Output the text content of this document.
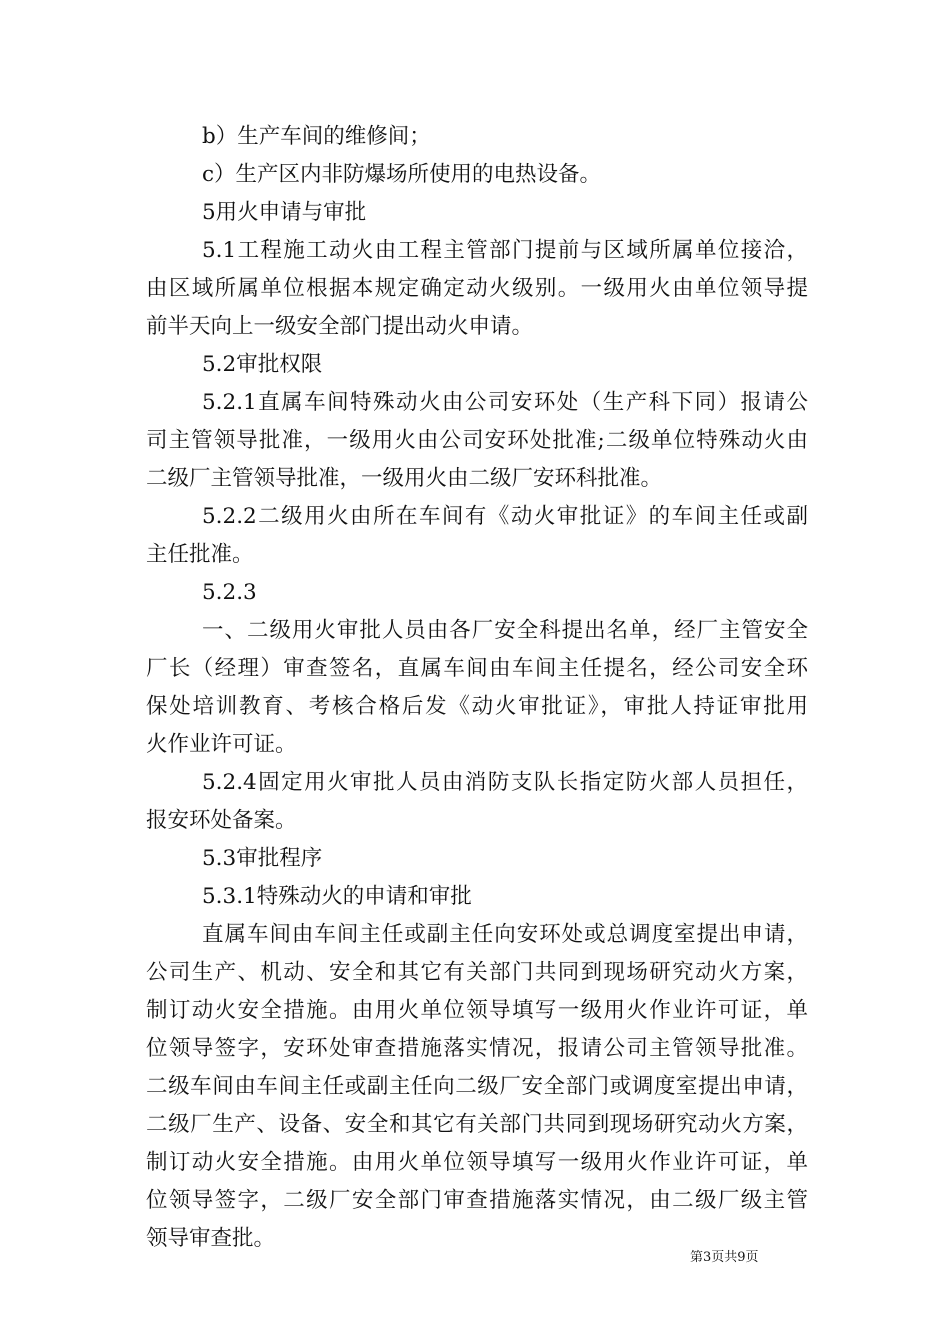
b）生产车间的维修间；
c）生产区内非防爆场所使用的电热设备。
5用火申请与审批
5.1工程施工动火由工程主管部门提前与区域所属单位接洽，
由区域所属单位根据本规定确定动火级别。一级用火由单位领导提
前半天向上一级安全部门提出动火申请。
5.2审批权限
5.2.1直属车间特殊动火由公司安环处（生产科下同）报请公
司主管领导批准，一级用火由公司安环处批准;二级单位特殊动火由
二级厂主管领导批准，一级用火由二级厂安环科批准。
5.2.2二级用火由所在车间有《动火审批证》的车间主任或副
主任批准。
5.2.3
一、二级用火审批人员由各厂安全科提出名单，经厂主管安全
厂长（经理）审查签名，直属车间由车间主任提名，经公司安全环
保处培训教育、考核合格后发《动火审批证》，审批人持证审批用
火作业许可证。
5.2.4固定用火审批人员由消防支队长指定防火部人员担任，
报安环处备案。
5.3审批程序
5.3.1特殊动火的申请和审批
直属车间由车间主任或副主任向安环处或总调度室提出申请，
公司生产、机动、安全和其它有关部门共同到现场研究动火方案，
制订动火安全措施。由用火单位领导填写一级用火作业许可证，单
位领导签字，安环处审查措施落实情况，报请公司主管领导批准。
二级车间由车间主任或副主任向二级厂安全部门或调度室提出申请，
二级厂生产、设备、安全和其它有关部门共同到现场研究动火方案，
制订动火安全措施。由用火单位领导填写一级用火作业许可证，单
位领导签字，二级厂安全部门审查措施落实情况，由二级厂级主管
领导审查批。
第3页共9页
